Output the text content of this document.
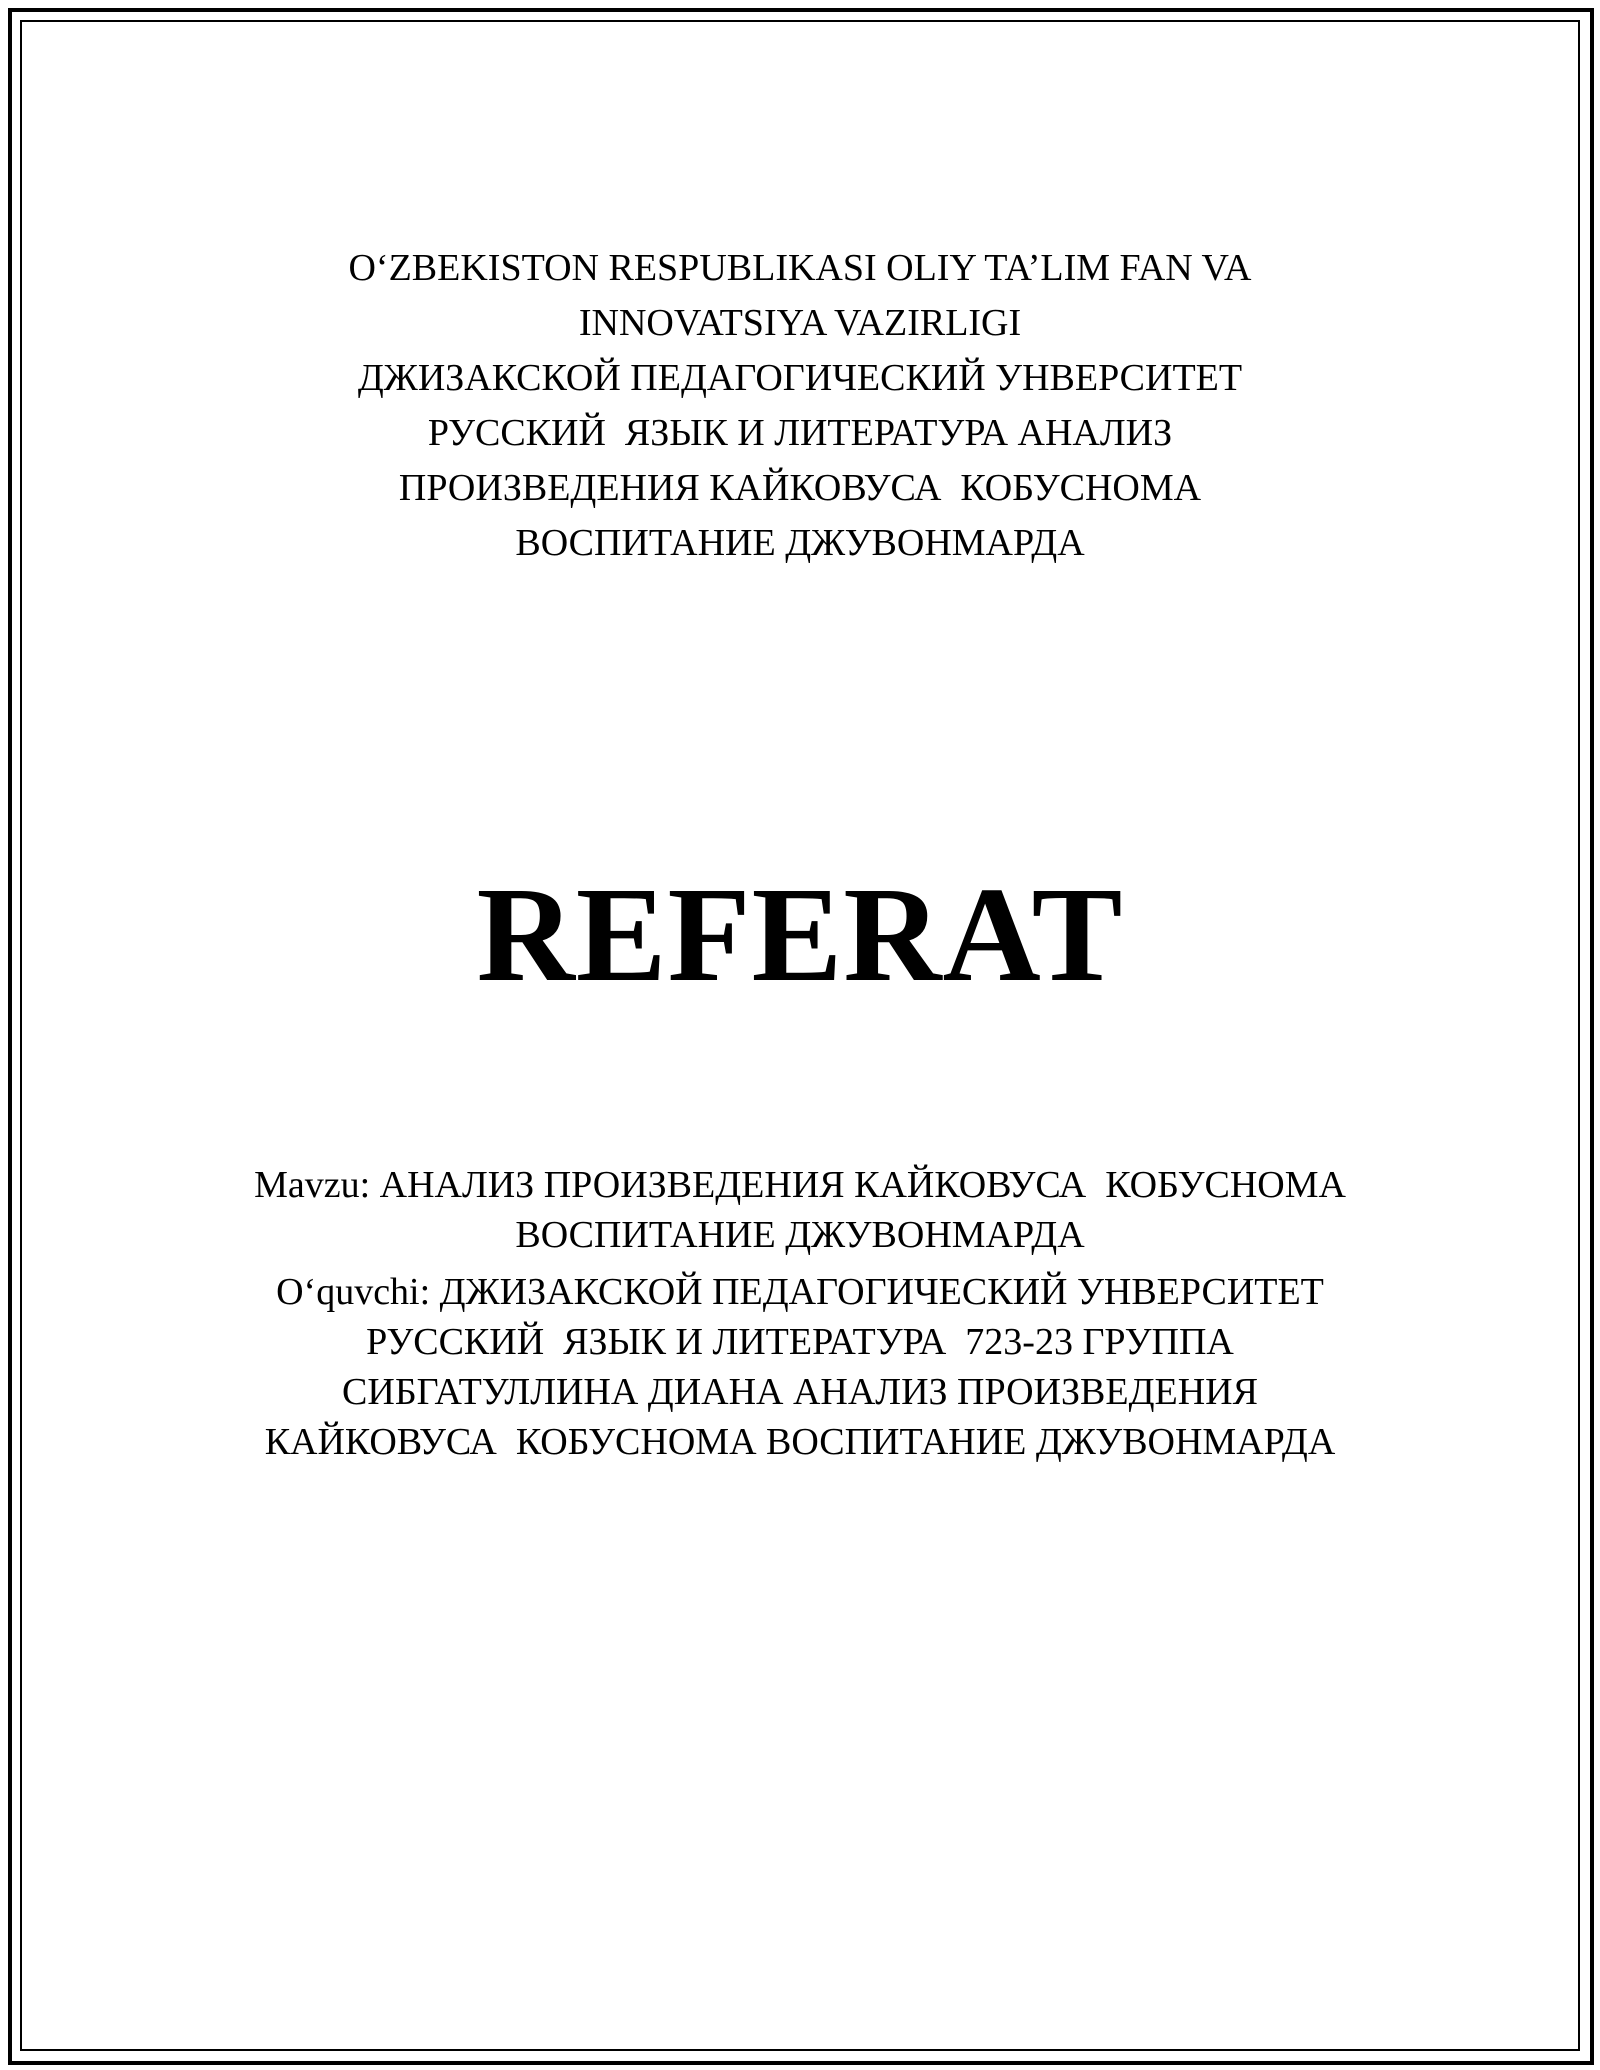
O‘ZBEKISTON RESPUBLIKASI OLIY TA’LIM FAN VA
INNOVATSIYA VAZIRLIGI
ДЖИЗАКСКОЙ ПЕДАГОГИЧЕСКИЙ УНВЕРСИТЕТ
РУССКИЙ  ЯЗЫК И ЛИТЕРАТУРА АНАЛИЗ
ПРОИЗВЕДЕНИЯ КАЙКОВУСА  КОБУСНОМА
ВОСПИТАНИЕ ДЖУВОНМАРДА
REFERAT
Mavzu: АНАЛИЗ ПРОИЗВЕДЕНИЯ КАЙКОВУСА  КОБУСНОМА
ВОСПИТАНИЕ ДЖУВОНМАРДА
O‘quvchi: ДЖИЗАКСКОЙ ПЕДАГОГИЧЕСКИЙ УНВЕРСИТЕТ
РУССКИЙ  ЯЗЫК И ЛИТЕРАТУРА  723-23 ГРУППА
СИБГАТУЛЛИНА ДИАНА АНАЛИЗ ПРОИЗВЕДЕНИЯ
КАЙКОВУСА  КОБУСНОМА ВОСПИТАНИЕ ДЖУВОНМАРДА
